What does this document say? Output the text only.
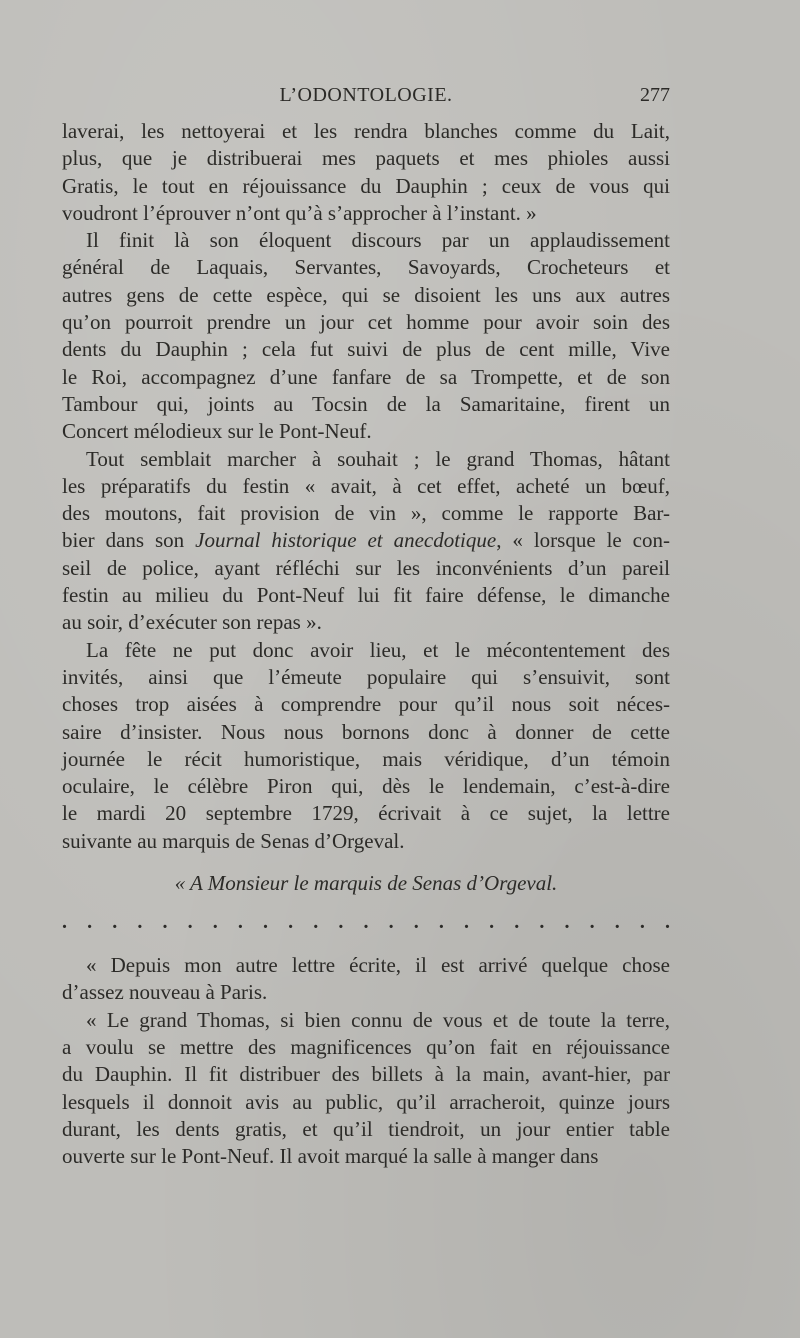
L’ODONTOLOGIE.	277
laverai, les nettoyerai et les rendra blanches comme du Lait,
plus, que je distribuerai mes paquets et mes phioles aussi
Gratis, le tout en réjouissance du Dauphin ; ceux de vous qui
voudront l’éprouver n’ont qu’à s’approcher à l’instant. »
Il finit là son éloquent discours par un applaudissement
général de Laquais, Servantes, Savoyards, Crocheteurs et
autres gens de cette espèce, qui se disoient les uns aux autres
qu’on pourroit prendre un jour cet homme pour avoir soin des
dents du Dauphin ; cela fut suivi de plus de cent mille, Vive
le Roi, accompagnez d’une fanfare de sa Trompette, et de son
Tambour qui, joints au Tocsin de la Samaritaine, firent un
Concert mélodieux sur le Pont-Neuf.
Tout semblait marcher à souhait ; le grand Thomas, hâtant
les préparatifs du festin « avait, à cet effet, acheté un bœuf,
des moutons, fait provision de vin », comme le rapporte Bar-
bier dans son Journal historique et anecdotique, « lorsque le con-
seil de police, ayant réfléchi sur les inconvénients d’un pareil
festin au milieu du Pont-Neuf lui fit faire défense, le dimanche
au soir, d’exécuter son repas ».
La fête ne put donc avoir lieu, et le mécontentement des
invités, ainsi que l’émeute populaire qui s’ensuivit, sont
choses trop aisées à comprendre pour qu’il nous soit néces-
saire d’insister. Nous nous bornons donc à donner de cette
journée le récit humoristique, mais véridique, d’un témoin
oculaire, le célèbre Piron qui, dès le lendemain, c’est-à-dire
le mardi 20 septembre 1729, écrivait à ce sujet, la lettre
suivante au marquis de Senas d’Orgeval.
« A Monsieur le marquis de Senas d’Orgeval.
. . . . . . . . . . . . . . . . . . . . . . . . .
« Depuis mon autre lettre écrite, il est arrivé quelque chose
d’assez nouveau à Paris.
« Le grand Thomas, si bien connu de vous et de toute la terre,
a voulu se mettre des magnificences qu’on fait en réjouissance
du Dauphin. Il fit distribuer des billets à la main, avant-hier, par
lesquels il donnoit avis au public, qu’il arracheroit, quinze jours
durant, les dents gratis, et qu’il tiendroit, un jour entier table
ouverte sur le Pont-Neuf. Il avoit marqué la salle à manger dans
